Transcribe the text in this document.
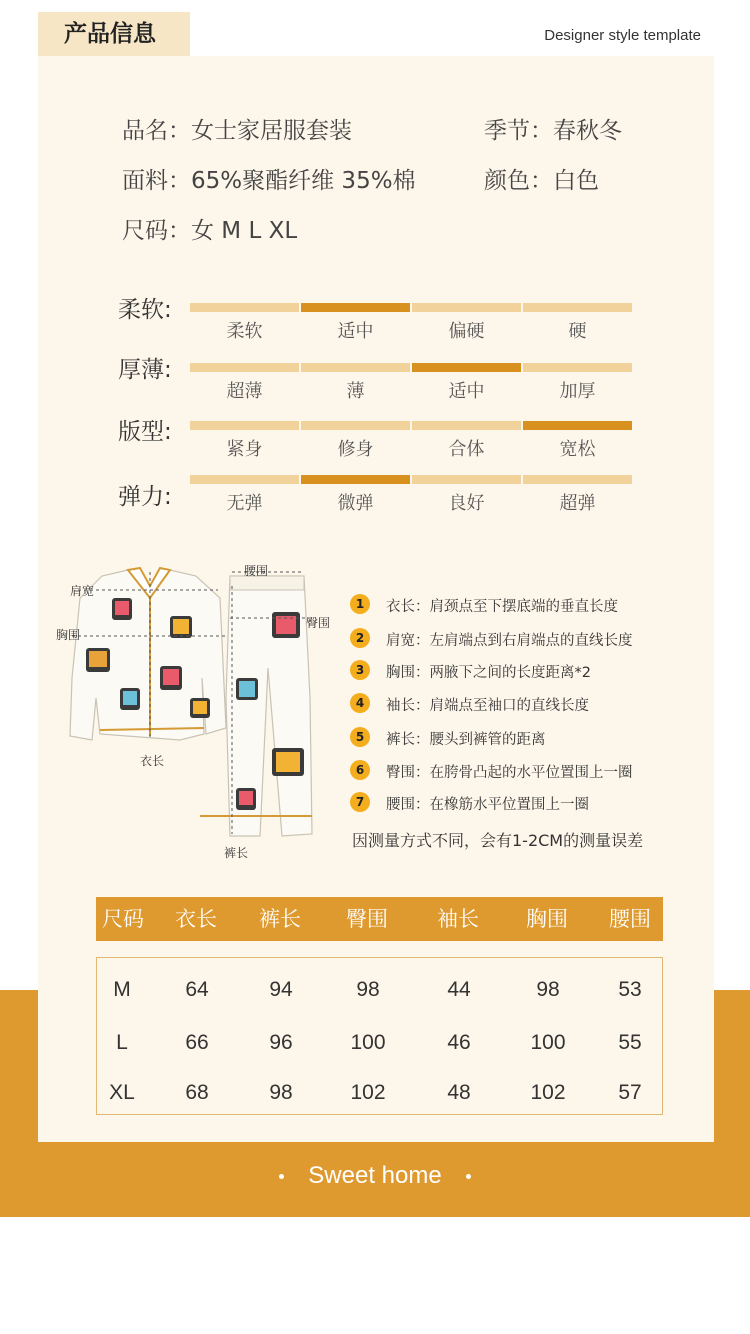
产品信息	Designer style template
品名：女士家居服套装	季节：春秋冬
面料：65%聚酯纤维 35%棉	颜色：白色
尺码：女 M L XL
柔软:
柔软	适中	偏硬	硬
厚薄:
超薄	薄	适中	加厚
版型:
紧身	修身	合体	宽松
弹力:	无弹	微弹	良好	超弹
肩宽
胸围
衣长
腰围
臀围
裤长
1	衣长：肩颈点至下摆底端的垂直长度
2	肩宽：左肩端点到右肩端点的直线长度
3	胸围：两腋下之间的长度距离*2
4	袖长：肩端点至袖口的直线长度
5	裤长：腰头到裤管的距离
6	臀围：在胯骨凸起的水平位置围上一圈
7	腰围：在橡筋水平位置围上一圈
因测量方式不同，会有1-2CM的测量误差
尺码 衣长 裤长 臀围 袖长 胸围 腰围
M	64	94	98	44	98	53
L	66	96	100	46	100	55
XL 68	98	102	48	102	57
Sweet home
